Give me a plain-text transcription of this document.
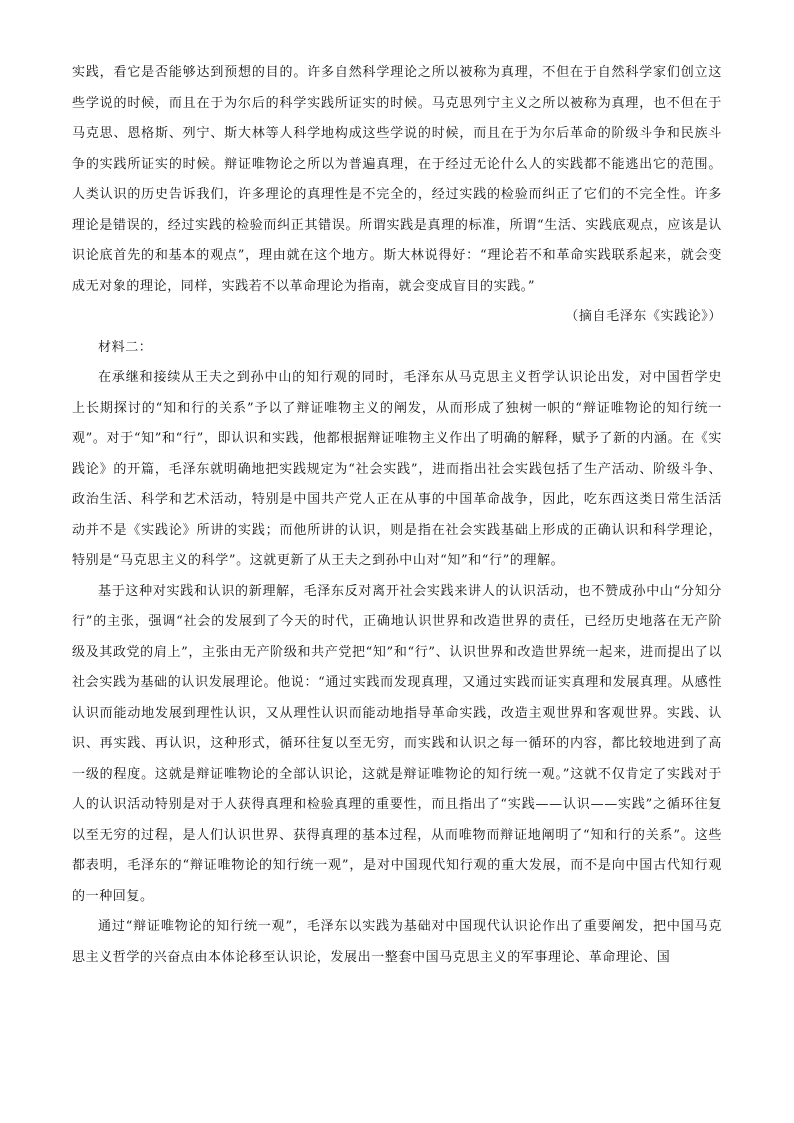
实践，看它是否能够达到预想的目的。许多自然科学理论之所以被称为真理，不但在于自然科学家们创立这些学说的时候，而且在于为尔后的科学实践所证实的时候。马克思列宁主义之所以被称为真理，也不但在于马克思、恩格斯、列宁、斯大林等人科学地构成这些学说的时候，而且在于为尔后革命的阶级斗争和民族斗争的实践所证实的时候。辩证唯物论之所以为普遍真理，在于经过无论什么人的实践都不能逃出它的范围。人类认识的历史告诉我们，许多理论的真理性是不完全的，经过实践的检验而纠正了它们的不完全性。许多理论是错误的，经过实践的检验而纠正其错误。所谓实践是真理的标准，所谓“生活、实践底观点，应该是认识论底首先的和基本的观点”，理由就在这个地方。斯大林说得好：“理论若不和革命实践联系起来，就会变成无对象的理论，同样，实践若不以革命理论为指南，就会变成盲目的实践。”

（摘自毛泽东《实践论》）

材料二：

在承继和接续从王夫之到孙中山的知行观的同时，毛泽东从马克思主义哲学认识论出发，对中国哲学史上长期探讨的“知和行的关系”予以了辩证唯物主义的阐发，从而形成了独树一帜的“辩证唯物论的知行统一观”。对于“知”和“行”，即认识和实践，他都根据辩证唯物主义作出了明确的解释，赋予了新的内涵。在《实践论》的开篇，毛泽东就明确地把实践规定为“社会实践”，进而指出社会实践包括了生产活动、阶级斗争、政治生活、科学和艺术活动，特别是中国共产党人正在从事的中国革命战争，因此，吃东西这类日常生活活动并不是《实践论》所讲的实践；而他所讲的认识，则是指在社会实践基础上形成的正确认识和科学理论，特别是“马克思主义的科学”。这就更新了从王夫之到孙中山对“知”和“行”的理解。

基于这种对实践和认识的新理解，毛泽东反对离开社会实践来讲人的认识活动，也不赞成孙中山“分知分行”的主张，强调“社会的发展到了今天的时代，正确地认识世界和改造世界的责任，已经历史地落在无产阶级及其政党的肩上”，主张由无产阶级和共产党把“知”和“行”、认识世界和改造世界统一起来，进而提出了以社会实践为基础的认识发展理论。他说：“通过实践而发现真理，又通过实践而证实真理和发展真理。从感性认识而能动地发展到理性认识，又从理性认识而能动地指导革命实践，改造主观世界和客观世界。实践、认识、再实践、再认识，这种形式，循环往复以至无穷，而实践和认识之每一循环的内容，都比较地进到了高一级的程度。这就是辩证唯物论的全部认识论，这就是辩证唯物论的知行统一观。”这就不仅肯定了实践对于人的认识活动特别是对于人获得真理和检验真理的重要性，而且指出了“实践——认识——实践”之循环往复以至无穷的过程，是人们认识世界、获得真理的基本过程，从而唯物而辩证地阐明了“知和行的关系”。这些都表明，毛泽东的“辩证唯物论的知行统一观”，是对中国现代知行观的重大发展，而不是向中国古代知行观的一种回复。

通过“辩证唯物论的知行统一观”，毛泽东以实践为基础对中国现代认识论作出了重要阐发，把中国马克思主义哲学的兴奋点由本体论移至认识论，发展出一整套中国马克思主义的军事理论、革命理论、国
